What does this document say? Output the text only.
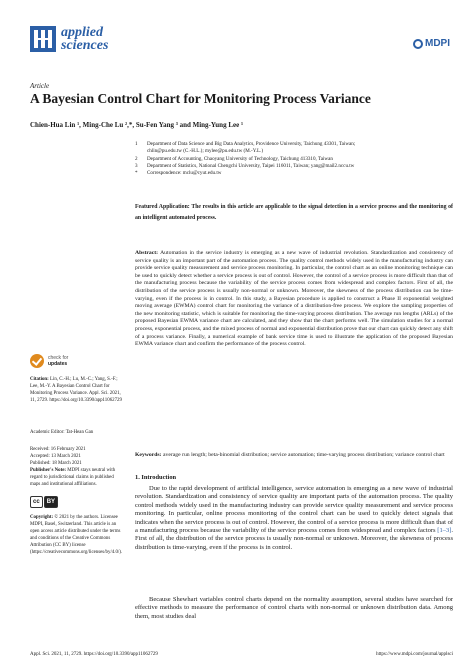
applied
sciences	MDPI
Article
A Bayesian Control Chart for Monitoring Process Variance
Chien-Hua Lin ¹, Ming-Che Lu ²,*, Su-Fen Yang ³ and Ming-Yung Lee ¹
1	Department of Data Science and Big Data Analytics, Providence University, Taichung 43301, Taiwan;
chlin@pu.edu.tw (C.-H.L.); mylee@pu.edu.tw (M.-Y.L.)
2	Department of Accounting, Chaoyang University of Technology, Taichung 413310, Taiwan
3	Department of Statistics, National Chengchi University, Taipei 116011, Taiwan; yang@mail2.nccu.tw
*	Correspondence: mclu@cyut.edu.tw
Featured Application: The results in this article are applicable to the signal detection in a service process and the monitoring of an intelligent automated process.
Abstract: Automation in the service industry is emerging as a new wave of industrial revolution. Standardization and consistency of service quality is an important part of the automation process. The quality control methods widely used in the manufacturing industry can provide service quality measurement and service process monitoring. In particular, the control chart as an online monitoring technique can be used to quickly detect whether a service process is out of control. However, the control of a service process is more difficult than that of the manufacturing process because the variability of the service process comes from widespread and complex factors. First of all, the distribution of the service process is usually non-normal or unknown. Moreover, the skewness of the process distribution can be time-varying, even if the process is in control. In this study, a Bayesian procedure is applied to construct a Phase II exponential weighted moving average (EWMA) control chart for monitoring the variance of a distribution-free process. We explore the sampling properties of the new monitoring statistic, which is suitable for monitoring the time-varying process distribution. The average run lengths (ARLs) of the proposed Bayesian EWMA variance chart are calculated, and they show that the chart performs well. The simulation studies for a normal process, exponential process, and the mixed process of normal and exponential distribution prove that our chart can quickly detect any shift of a process variance. Finally, a numerical example of bank service time is used to illustrate the application of the proposed Bayesian EWMA variance chart and confirm the performance of the process control.
Keywords: average run length; beta-binomial distribution; service automation; time-varying process distribution; variance control chart
1. Introduction
Due to the rapid development of artificial intelligence, service automation is emerging as a new wave of industrial revolution. Standardization and consistency of service quality are important parts of the automation process. The quality control methods widely used in the manufacturing industry can provide service quality measurement and service process monitoring. In particular, online process monitoring of the control chart can be used to quickly detect signals that indicates when the service process is out of control. However, the control of a service process is more difficult than that of a manufacturing process because the variability of the service process comes from widespread and complex factors [1–3]. First of all, the distribution of the service process is usually non-normal or unknown. Moreover, the skewness of process distribution is time-varying, even if the process is in control.
Because Shewhart variables control charts depend on the normality assumption, several studies have searched for effective methods to measure the performance of control charts with non-normal or unknown distribution data. Among them, most studies deal
check for
updates
Citation: Lin, C.-H.; Lu, M.-C.; Yang, S.-F.; Lee, M.-Y. A Bayesian Control Chart for Monitoring Process Variance. Appl. Sci. 2021, 11, 2729. https://doi.org/10.3390/app11062729
Academic Editor: Tat-Hean Gan
Received: 16 February 2021
Accepted: 13 March 2021
Published: 18 March 2021
Publisher's Note: MDPI stays neutral with regard to jurisdictional claims in published maps and institutional affiliations.
cc	BY
Copyright: © 2021 by the authors. Licensee MDPI, Basel, Switzerland. This article is an open access article distributed under the terms and conditions of the Creative Commons Attribution (CC BY) license (https://creativecommons.org/licenses/by/4.0/).
Appl. Sci. 2021, 11, 2729. https://doi.org/10.3390/app11062729	https://www.mdpi.com/journal/applsci
